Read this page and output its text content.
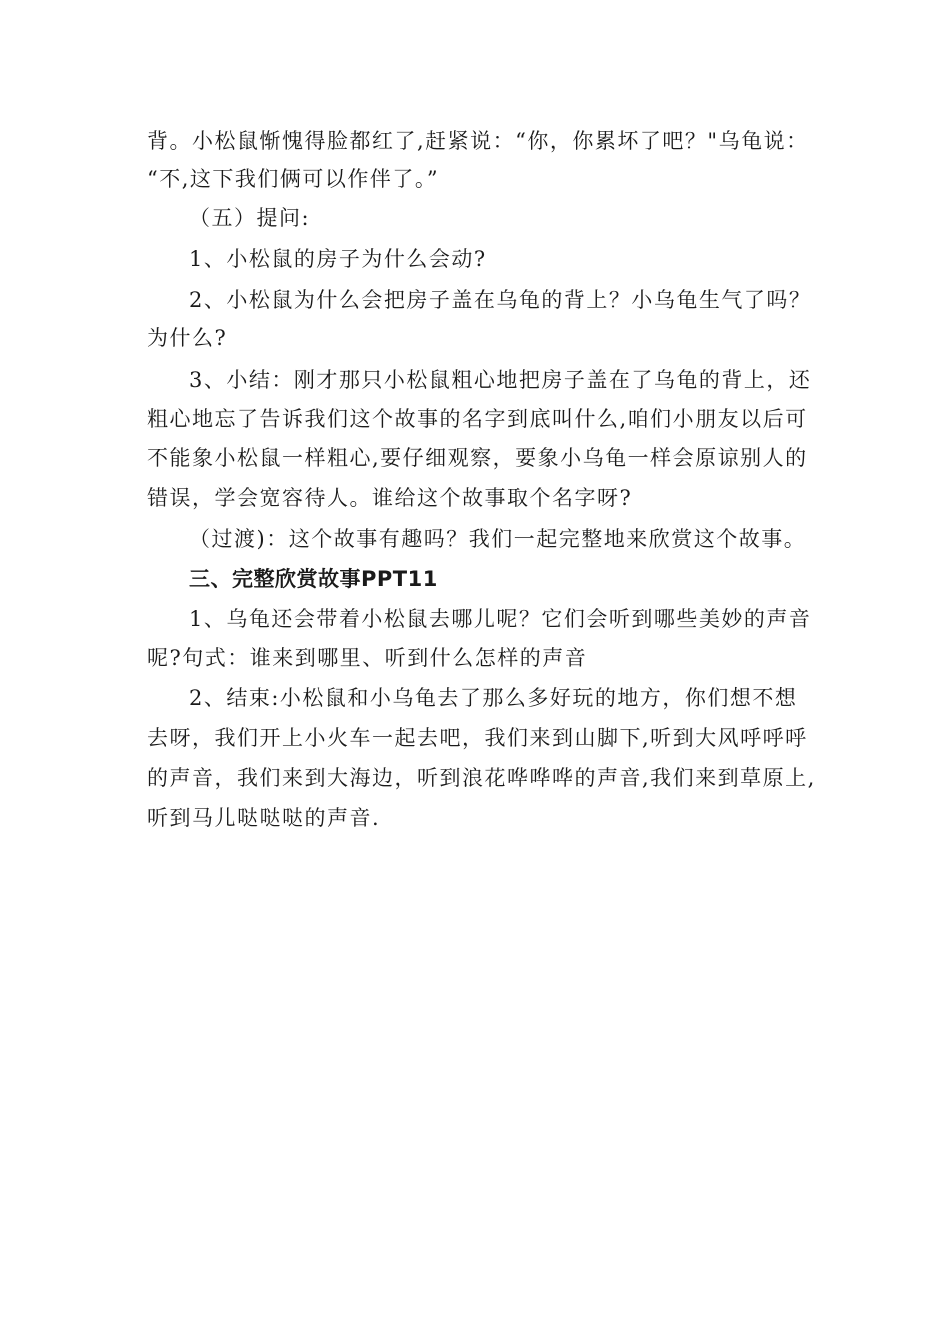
背。小松鼠惭愧得脸都红了,赶紧说：“你，你累坏了吧？"乌龟说：
“不,这下我们俩可以作伴了。”
（五）提问:
1、小松鼠的房子为什么会动?
2、小松鼠为什么会把房子盖在乌龟的背上？小乌龟生气了吗？
为什么?
3、小结：刚才那只小松鼠粗心地把房子盖在了乌龟的背上，还
粗心地忘了告诉我们这个故事的名字到底叫什么,咱们小朋友以后可
不能象小松鼠一样粗心,要仔细观察，要象小乌龟一样会原谅别人的
错误，学会宽容待人。谁给这个故事取个名字呀?
（过渡)：这个故事有趣吗？我们一起完整地来欣赏这个故事。
三、完整欣赏故事PPT11
1、乌龟还会带着小松鼠去哪儿呢？它们会听到哪些美妙的声音
呢?句式：谁来到哪里、听到什么怎样的声音
2、结束:小松鼠和小乌龟去了那么多好玩的地方，你们想不想
去呀，我们开上小火车一起去吧，我们来到山脚下,听到大风呼呼呼
的声音，我们来到大海边，听到浪花哗哗哗的声音,我们来到草原上,
听到马儿哒哒哒的声音.
